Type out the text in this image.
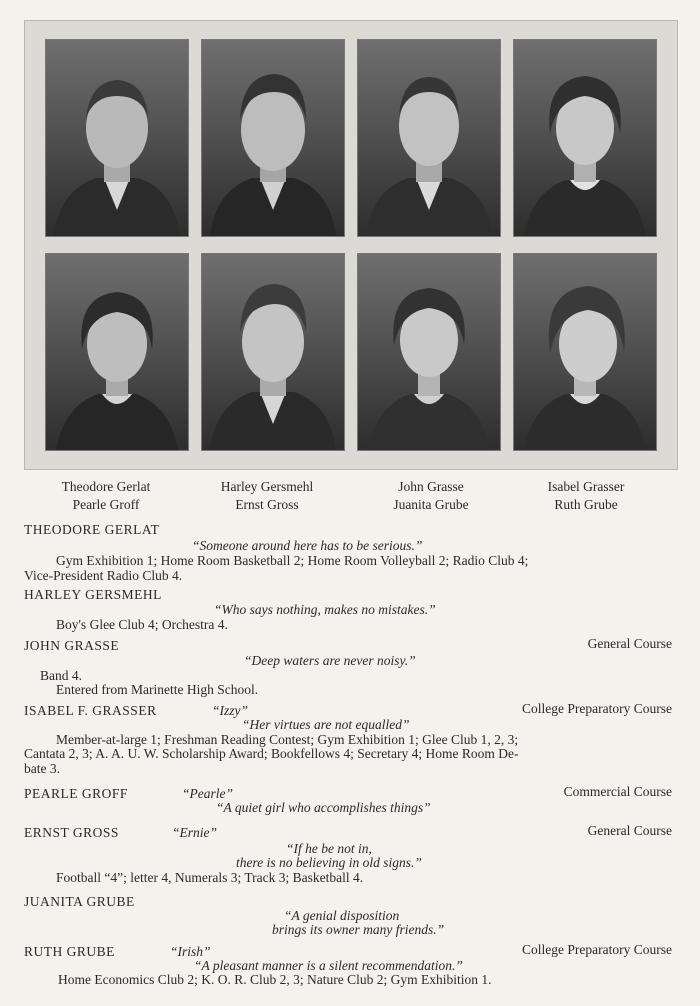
Theodore Gerlat
Pearle Groff
Harley Gersmehl
Ernst Gross
John Grasse
Juanita Grube
Isabel Grasser
Ruth Grube
THEODORE GERLAT
“Someone around here has to be serious.”
Gym Exhibition 1; Home Room Basketball 2; Home Room Volleyball 2; Radio Club 4;
Vice-President Radio Club 4.
HARLEY GERSMEHL
“Who says nothing, makes no mistakes.”
Boy's Glee Club 4; Orchestra 4.
JOHN GRASSE	General Course
“Deep waters are never noisy.”
Band 4.
Entered from Marinette High School.
ISABEL F. GRASSER	“Izzy”	College Preparatory Course
“Her virtues are not equalled”
Member-at-large 1; Freshman Reading Contest; Gym Exhibition 1; Glee Club 1, 2, 3;
Cantata 2, 3; A. A. U. W. Scholarship Award; Bookfellows 4; Secretary 4; Home Room De-
bate 3.
PEARLE GROFF	“Pearle”	Commercial Course
“A quiet girl who accomplishes things”
ERNST GROSS	“Ernie”	General Course
“If he be not in,
there is no believing in old signs.”
Football “4”; letter 4, Numerals 3; Track 3; Basketball 4.
JUANITA GRUBE
“A genial disposition
brings its owner many friends.”
RUTH GRUBE	“Irish”	College Preparatory Course
“A pleasant manner is a silent recommendation.”
Home Economics Club 2; K. O. R. Club 2, 3; Nature Club 2; Gym Exhibition 1.
